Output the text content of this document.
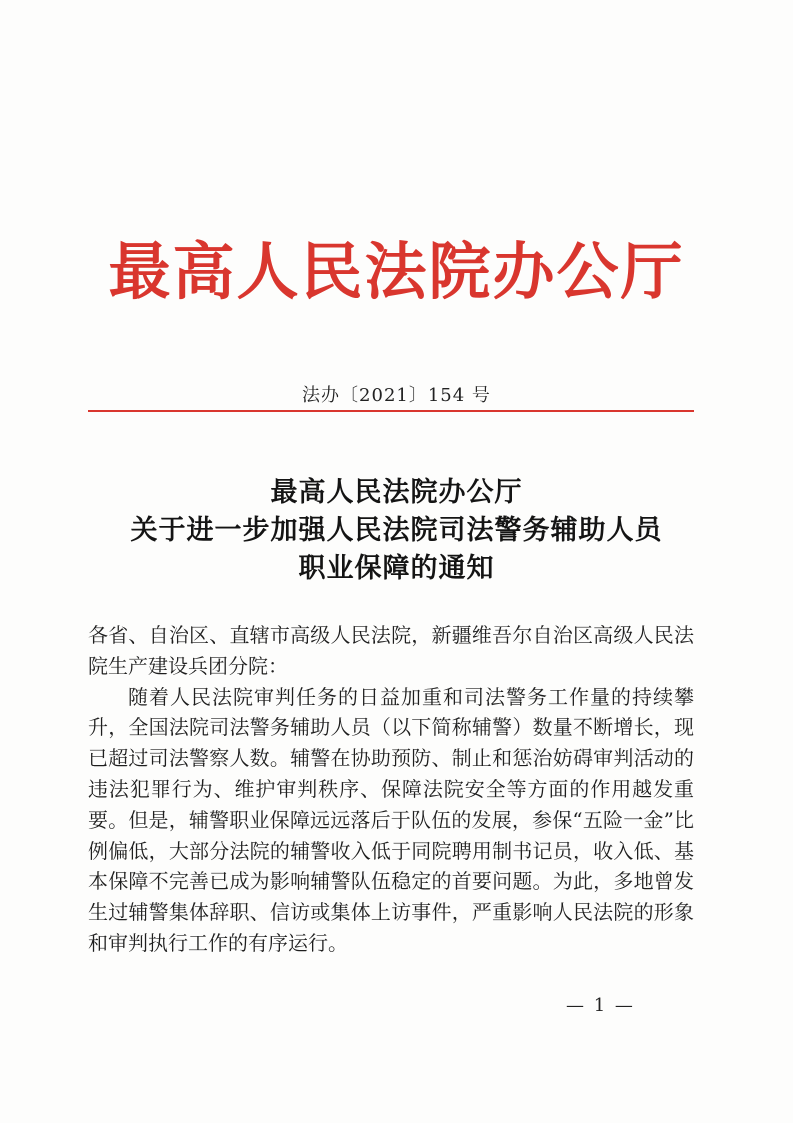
最高人民法院办公厅
法办〔2021〕154 号
最高人民法院办公厅
关于进一步加强人民法院司法警务辅助人员
职业保障的通知

各省、自治区、直辖市高级人民法院，新疆维吾尔自治区高级人民法院生产建设兵团分院：

随着人民法院审判任务的日益加重和司法警务工作量的持续攀升，全国法院司法警务辅助人员（以下简称辅警）数量不断增长，现已超过司法警察人数。辅警在协助预防、制止和惩治妨碍审判活动的违法犯罪行为、维护审判秩序、保障法院安全等方面的作用越发重要。但是，辅警职业保障远远落后于队伍的发展，参保“五险一金”比例偏低，大部分法院的辅警收入低于同院聘用制书记员，收入低、基本保障不完善已成为影响辅警队伍稳定的首要问题。为此，多地曾发生过辅警集体辞职、信访或集体上访事件，严重影响人民法院的形象和审判执行工作的有序运行。

— 1 —
